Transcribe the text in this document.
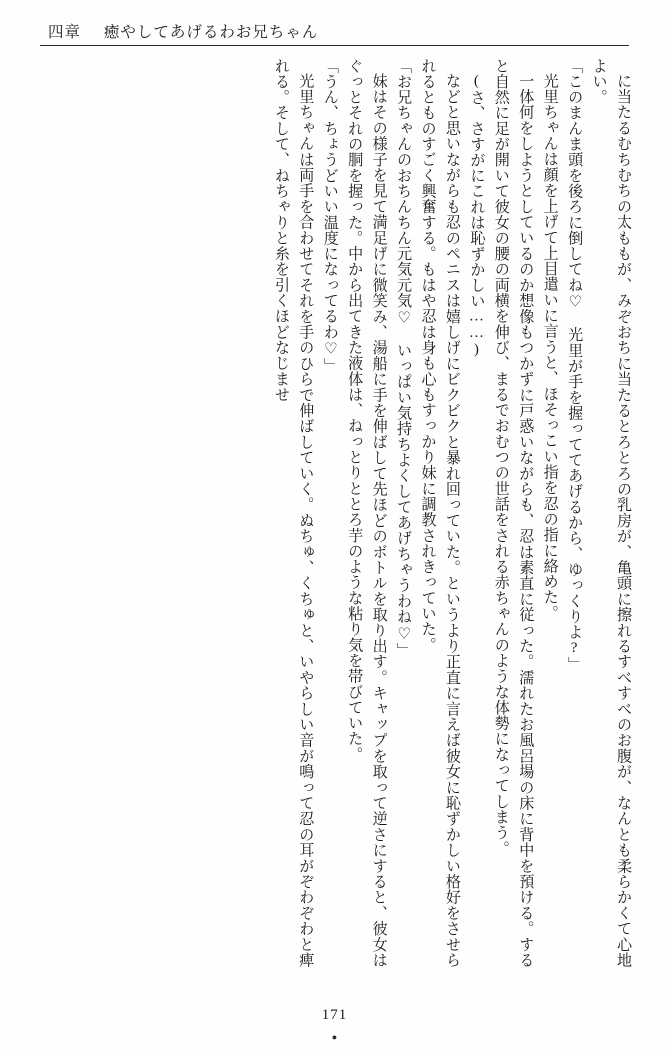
四章 癒やしてあげるわお兄ちゃん

に当たるむちむちの太ももが、みぞおちに当たるとろとろの乳房が、亀頭に擦れるすべすべのお腹が、なんとも柔らかくて心地よい。

「このまんま頭を後ろに倒してね♡　光里が手を握っててあげるから、ゆっくりよ?」

光里ちゃんは顔を上げて上目遣いに言うと、ほそっこい指を忍の指に絡めた。

一体何をしようとしているのか想像もつかずに戸惑いながらも、忍は素直に従った。濡れたお風呂場の床に背中を預ける。すると自然に足が開いて彼女の腰の両横を伸び、まるでおむつの世話をされる赤ちゃんのような体勢になってしまう。

(さ、さすがにこれは恥ずかしい……)

などと思いながらも忍のペニスは嬉しげにビクビクと暴れ回っていた。というより正直に言えば彼女に恥ずかしい格好をさせられるとものすごく興奮する。もはや忍は身も心もすっかり妹に調教されきっていた。

「お兄ちゃんのおちんちん元気元気♡　いっぱい気持ちよくしてあげちゃうわね♡」

妹はその様子を見て満足げに微笑み、湯船に手を伸ばして先ほどのボトルを取り出す。キャップを取って逆さにすると、彼女はぐっとそれの胴を握った。中から出てきた液体は、ねっとりととろ芋のような粘り気を帯びていた。

「うん、ちょうどいい温度になってるわ♡」

光里ちゃんは両手を合わせてそれを手のひらで伸ばしていく。ぬちゅ、くちゅと、いやらしい音が鳴って忍の耳がぞわぞわと痺れる。そして、ねちゃりと糸を引くほどなじませ

171
●
